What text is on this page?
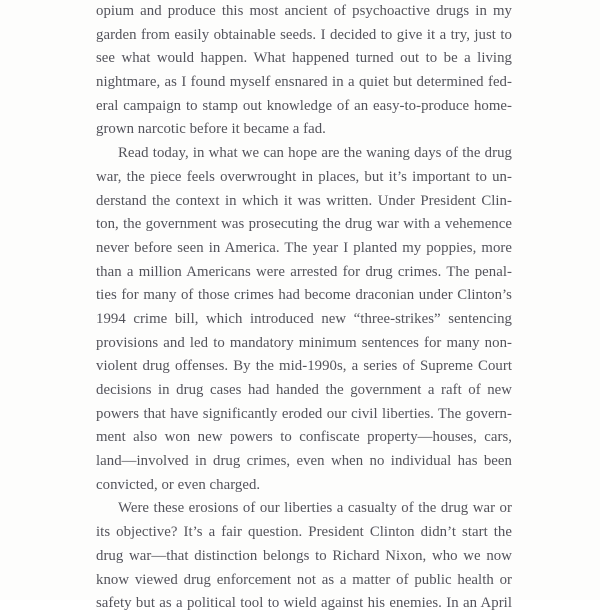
opium and produce this most ancient of psychoactive drugs in my
garden from easily obtainable seeds. I decided to give it a try, just to
see what would happen. What happened turned out to be a living
nightmare, as I found myself ensnared in a quiet but determined fed-
eral campaign to stamp out knowledge of an easy-to-produce home-
grown narcotic before it became a fad.
Read today, in what we can hope are the waning days of the drug
war, the piece feels overwrought in places, but it’s important to un-
derstand the context in which it was written. Under President Clin-
ton, the government was prosecuting the drug war with a vehemence
never before seen in America. The year I planted my poppies, more
than a million Americans were arrested for drug crimes. The penal-
ties for many of those crimes had become draconian under Clinton’s
1994 crime bill, which introduced new “three-strikes” sentencing
provisions and led to mandatory minimum sentences for many non-
violent drug offenses. By the mid-1990s, a series of Supreme Court
decisions in drug cases had handed the government a raft of new
powers that have significantly eroded our civil liberties. The govern-
ment also won new powers to confiscate property—houses, cars,
land—involved in drug crimes, even when no individual has been
convicted, or even charged.
Were these erosions of our liberties a casualty of the drug war or
its objective? It’s a fair question. President Clinton didn’t start the
drug war—that distinction belongs to Richard Nixon, who we now
know viewed drug enforcement not as a matter of public health or
safety but as a political tool to wield against his enemies. In an April
